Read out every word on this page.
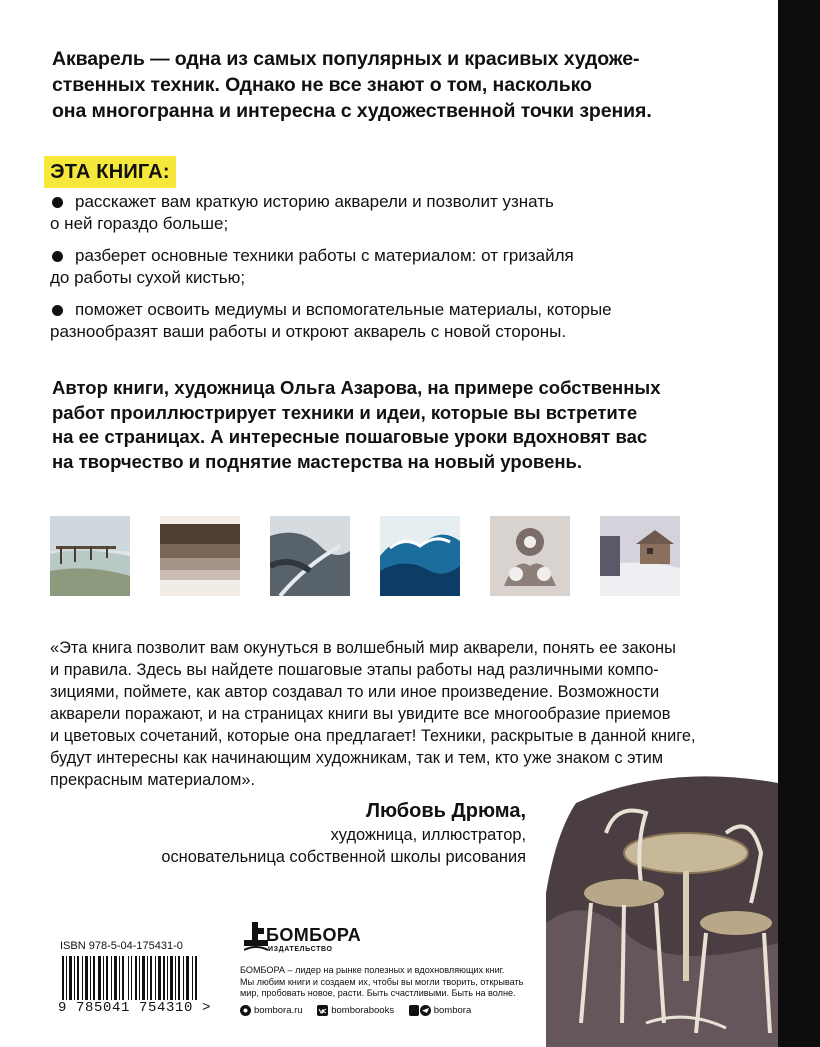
Акварель — одна из самых популярных и красивых художе-
ственных техник. Однако не все знают о том, насколько
она многогранна и интересна с художественной точки зрения.
ЭТА КНИГА:
расскажет вам краткую историю акварели и позволит узнать
о ней гораздо больше;
разберет основные техники работы с материалом: от гризайля
до работы сухой кистью;
поможет освоить медиумы и вспомогательные материалы, которые
разнообразят ваши работы и откроют акварель с новой стороны.
Автор книги, художница Ольга Азарова, на примере собственных
работ проиллюстрирует техники и идеи, которые вы встретите
на ее страницах. А интересные пошаговые уроки вдохновят вас
на творчество и поднятие мастерства на новый уровень.
«Эта книга позволит вам окунуться в волшебный мир акварели, понять ее законы
и правила. Здесь вы найдете пошаговые этапы работы над различными компо-
зициями, поймете, как автор создавал то или иное произведение. Возможности
акварели поражают, и на страницах книги вы увидите все многообразие приемов
и цветовых сочетаний, которые она предлагает! Техники, раскрытые в данной книге,
будут интересны как начинающим художникам, так и тем, кто уже знаком с этим
прекрасным материалом».
Любовь Дрюма,
художница, иллюстратор,
основательница собственной школы рисования
ISBN 978-5-04-175431-0
9 785041 754310 >
БОМБОРА
ИЗДАТЕЛЬСТВО
БОМБОРА – лидер на рынке полезных и вдохновляющих книг.
Мы любим книги и создаем их, чтобы вы могли творить, открывать
мир, пробовать новое, расти. Быть счастливыми. Быть на волне.
bombora.ru
	bomborabooks
	bombora
